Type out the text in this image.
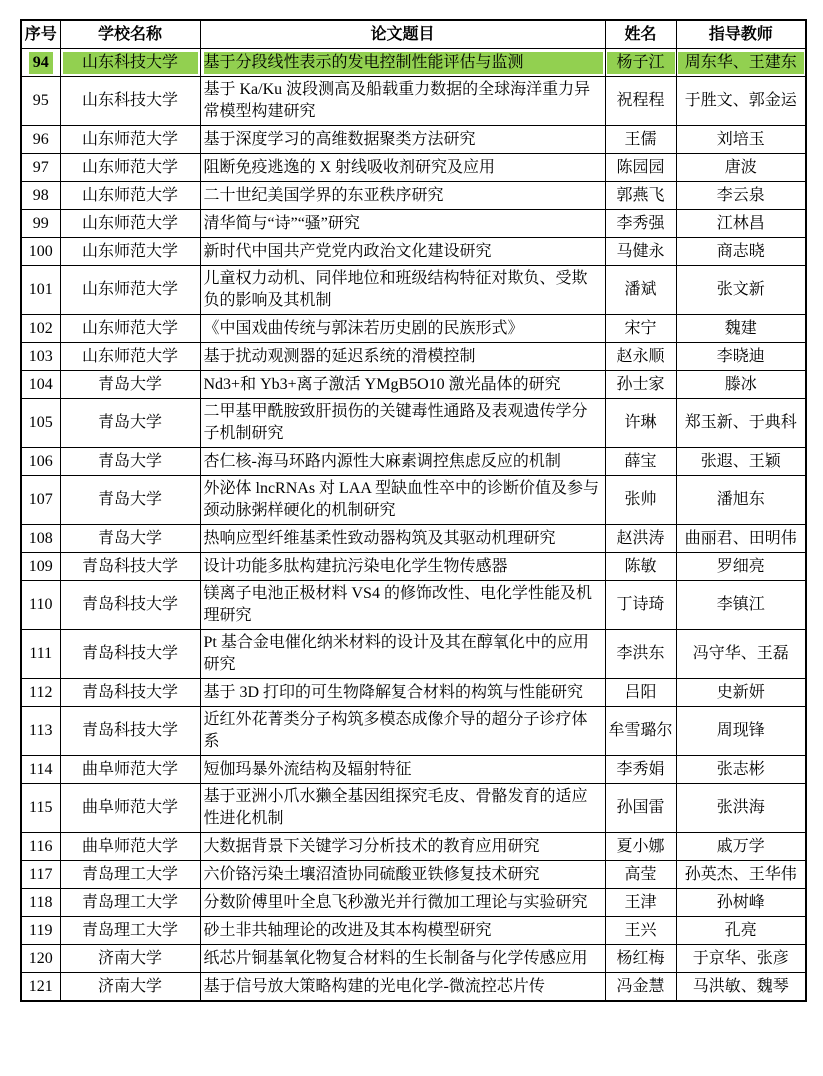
序号	学校名称	论文题目	姓名	指导教师
94	山东科技大学	基于分段线性表示的发电控制性能评估与监测	杨子江	周东华、王建东

95	山东科技大学	基于 Ka/Ku 波段测高及船载重力数据的全球海洋重力异常模型构建研究	祝程程	于胜文、郭金运

96	山东师范大学	基于深度学习的高维数据聚类方法研究	王儒	刘培玉

97	山东师范大学	阻断免疫逃逸的 X 射线吸收剂研究及应用	陈园园	唐波

98	山东师范大学	二十世纪美国学界的东亚秩序研究	郭燕飞	李云泉

99	山东师范大学	清华简与“诗”“骚”研究	李秀强	江林昌

100	山东师范大学	新时代中国共产党党内政治文化建设研究	马健永	商志晓

101	山东师范大学	儿童权力动机、同伴地位和班级结构特征对欺负、受欺负的影响及其机制	潘斌	张文新

102	山东师范大学	《中国戏曲传统与郭沫若历史剧的民族形式》	宋宁	魏建

103	山东师范大学	基于扰动观测器的延迟系统的滑模控制	赵永顺	李晓迪

104	青岛大学	Nd3+和 Yb3+离子激活 YMgB5O10 激光晶体的研究	孙士家	滕冰

105	青岛大学	二甲基甲酰胺致肝损伤的关键毒性通路及表观遗传学分子机制研究	许琳	郑玉新、于典科

106	青岛大学	杏仁核-海马环路内源性大麻素调控焦虑反应的机制	薛宝	张遐、王颖

107	青岛大学	外泌体 lncRNAs 对 LAA 型缺血性卒中的诊断价值及参与颈动脉粥样硬化的机制研究	张帅	潘旭东

108	青岛大学	热响应型纤维基柔性致动器构筑及其驱动机理研究	赵洪涛	曲丽君、田明伟

109	青岛科技大学	设计功能多肽构建抗污染电化学生物传感器	陈敏	罗细亮

110	青岛科技大学	镁离子电池正极材料 VS4 的修饰改性、电化学性能及机理研究	丁诗琦	李镇江

111	青岛科技大学	Pt 基合金电催化纳米材料的设计及其在醇氧化中的应用研究	李洪东	冯守华、王磊

112	青岛科技大学	基于 3D 打印的可生物降解复合材料的构筑与性能研究	吕阳	史新妍

113	青岛科技大学	近红外花菁类分子构筑多模态成像介导的超分子诊疗体系	牟雪璐尔	周现锋

114	曲阜师范大学	短伽玛暴外流结构及辐射特征	李秀娟	张志彬

115	曲阜师范大学	基于亚洲小爪水獭全基因组探究毛皮、骨骼发育的适应性进化机制	孙国雷	张洪海

116	曲阜师范大学	大数据背景下关键学习分析技术的教育应用研究	夏小娜	戚万学

117	青岛理工大学	六价铬污染土壤沼渣协同硫酸亚铁修复技术研究	高莹	孙英杰、王华伟

118	青岛理工大学	分数阶傅里叶全息飞秒激光并行微加工理论与实验研究	王津	孙树峰

119	青岛理工大学	砂土非共轴理论的改进及其本构模型研究	王兴	孔亮

120	济南大学	纸芯片铜基氧化物复合材料的生长制备与化学传感应用	杨红梅	于京华、张彦

121	济南大学	基于信号放大策略构建的光电化学-微流控芯片传	冯金慧	马洪敏、魏琴
